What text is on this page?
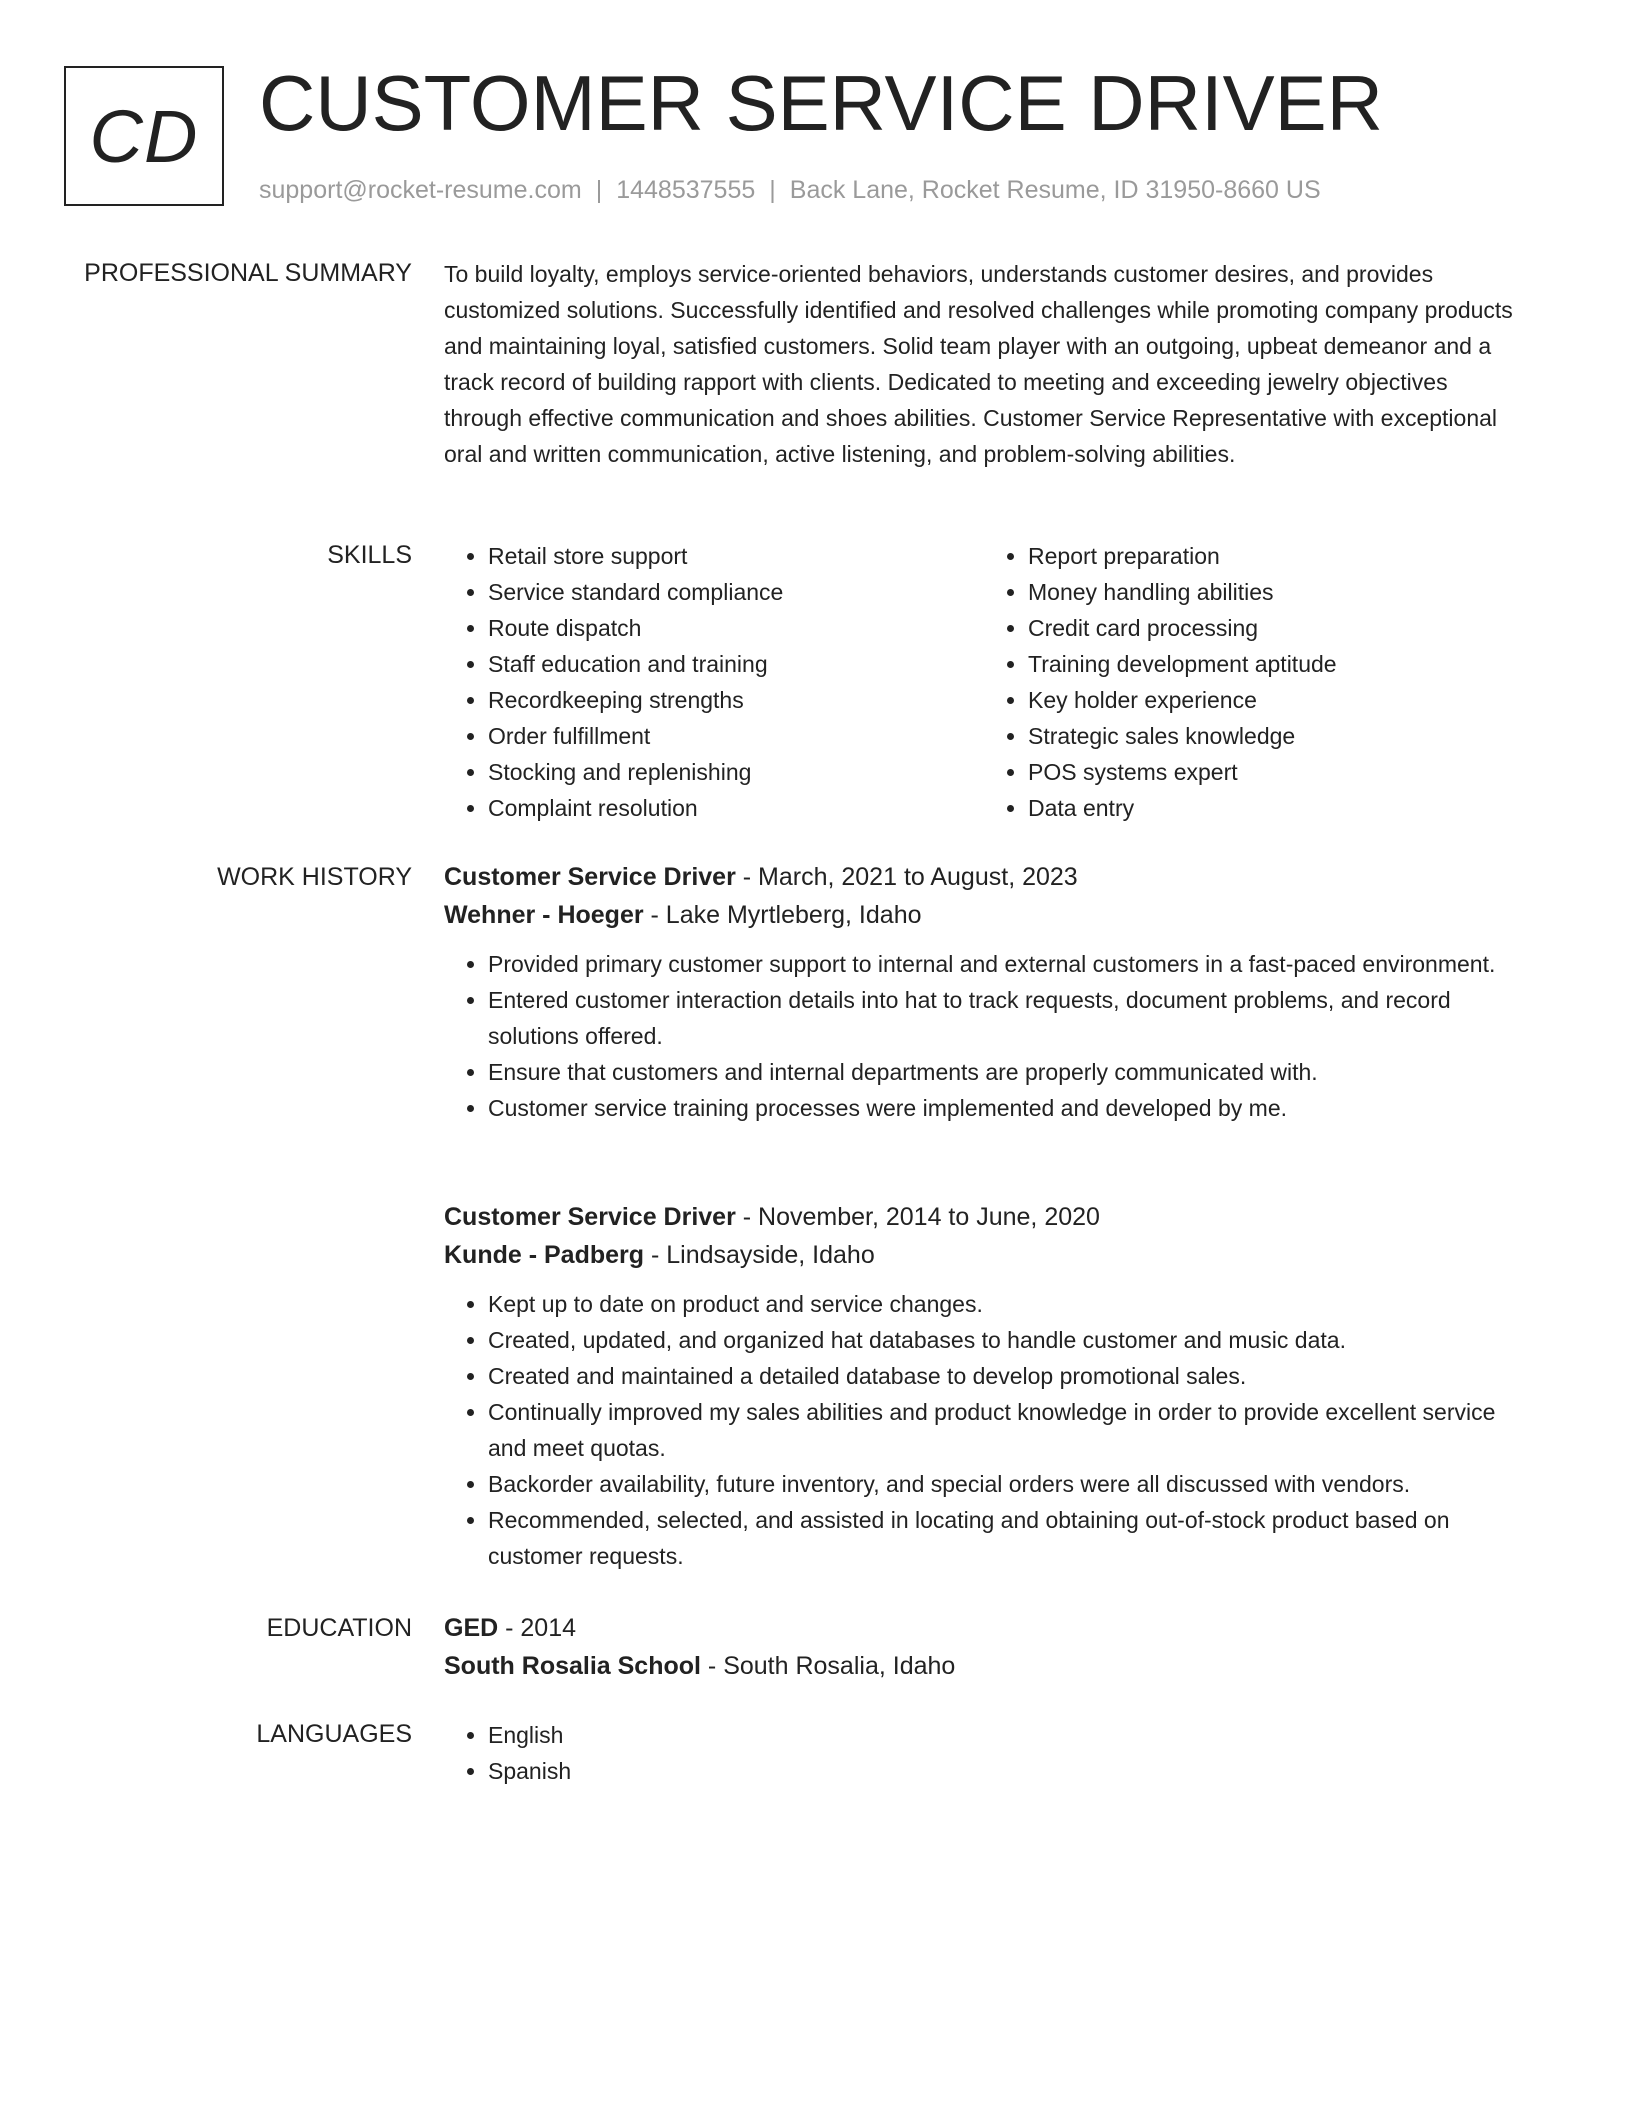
CD CUSTOMER SERVICE DRIVER
support@rocket-resume.com | 1448537555 | Back Lane, Rocket Resume, ID 31950-8660 US
PROFESSIONAL SUMMARY To build loyalty, employs service-oriented behaviors, understands customer desires, and provides customized solutions. Successfully identified and resolved challenges while promoting company products and maintaining loyal, satisfied customers. Solid team player with an outgoing, upbeat demeanor and a track record of building rapport with clients. Dedicated to meeting and exceeding jewelry objectives through effective communication and shoes abilities. Customer Service Representative with exceptional oral and written communication, active listening, and problem-solving abilities.

SKILLS	• Retail store support
• Service standard compliance
• Route dispatch
• Staff education and training
• Recordkeeping strengths
• Order fulfillment
• Stocking and replenishing
• Complaint resolution
• Report preparation
• Money handling abilities
• Credit card processing
• Training development aptitude
• Key holder experience
• Strategic sales knowledge
• POS systems expert
• Data entry
WORK HISTORY Customer Service Driver - March, 2021 to August, 2023
Wehner - Hoeger - Lake Myrtleberg, Idaho
• Provided primary customer support to internal and external customers in a fast-paced environment.
• Entered customer interaction details into hat to track requests, document problems, and record solutions offered.
• Ensure that customers and internal departments are properly communicated with.
• Customer service training processes were implemented and developed by me.
Customer Service Driver - November, 2014 to June, 2020
Kunde - Padberg - Lindsayside, Idaho
• Kept up to date on product and service changes.
• Created, updated, and organized hat databases to handle customer and music data.
• Created and maintained a detailed database to develop promotional sales.
• Continually improved my sales abilities and product knowledge in order to provide excellent service and meet quotas.
• Backorder availability, future inventory, and special orders were all discussed with vendors.
• Recommended, selected, and assisted in locating and obtaining out-of-stock product based on customer requests.
EDUCATION GED - 2014
South Rosalia School - South Rosalia, Idaho
LANGUAGES	• English
• Spanish
